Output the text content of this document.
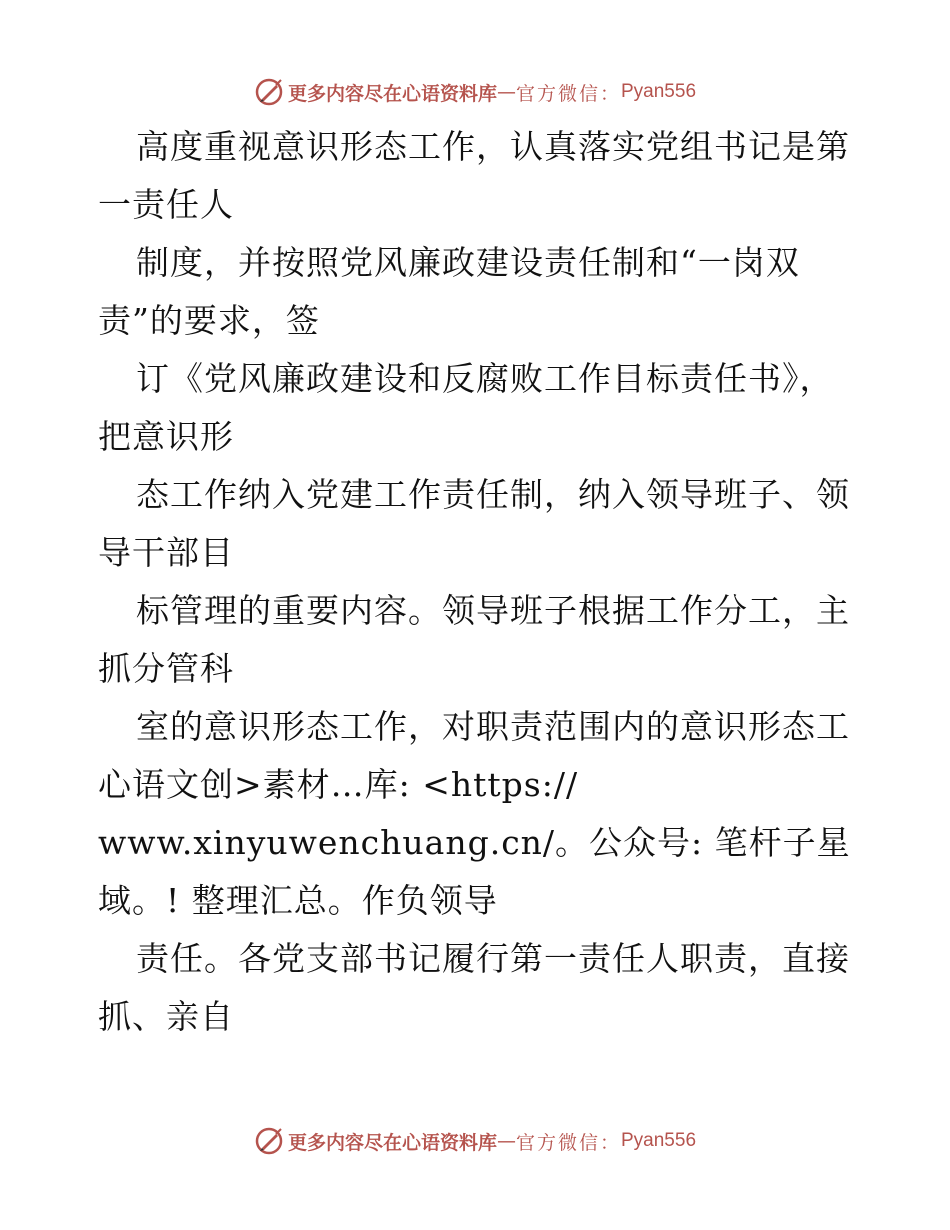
更多内容尽在心语资料库 — 官方微信： Pyan556
高度重视意识形态工作，认真落实党组书记是第
一责任人
制度，并按照党风廉政建设责任制和“一岗双
责”的要求，签
订《党风廉政建设和反腐败工作目标责任书》，
把意识形
态工作纳入党建工作责任制，纳入领导班子、领
导干部目
标管理的重要内容。领导班子根据工作分工，主
抓分管科
室的意识形态工作，对职责范围内的意识形态工
心语文创>素材…库: <https://
www.xinyuwenchuang.cn/。公众号: 笔杆子星
域。! 整理汇总。作负领导
责任。各党支部书记履行第一责任人职责，直接
抓、亲自
更多内容尽在心语资料库 — 官方微信： Pyan556
